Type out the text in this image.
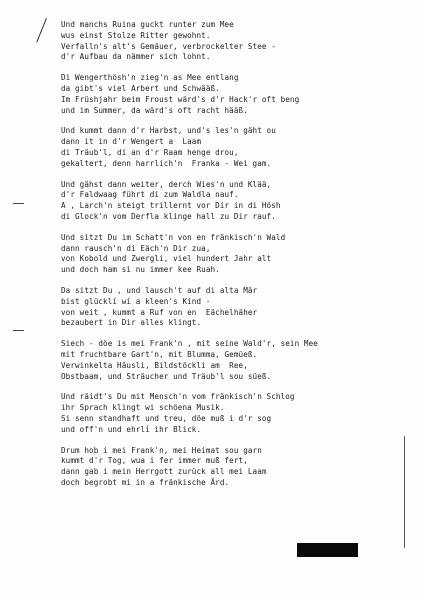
Und manchs Ruina guckt runter zum Mee
wus einst Stolze Ritter gewohnt.
Verfalln's alt's Gemäuer, verbrockelter Stee -
d'r Aufbau da nämmer sich lohnt.
Di Wengerthösh'n zieg'n as Mee entlang
da gibt's viel Arbert und Schwääß.
Im Früshjahr beim Froust wärd's d'r Hack'r oft beng
und im Summer, da wärd's oft racht hääß.
Und kummt dann d'r Harbst, und's les'n gäht ou
dann it in d'r Wengert a  Laam
di Träub'l, di an d'r Raam henge drou,
gekaltert, denn harrlich'n  Franka - Wei gam.
Und gähst dann weiter, derch Wies'n und Klää,
d'r Faldwaag führt di zum Waldla nauf.
A , Larch'n steigt trillernt vor Dir in di Hösh
di Glock'n vom Derfla klinge hall zu Dir rauf.
Und sitzt Du im Schatt'n von en fränkisch'n Wald
dann rausch'n di Eäch'n Dir zua,
von Kobold und Zwergli, viel hundert Jahr alt
und doch ham si nu immer kee Ruah.
Da sitzt Du , und lausch't auf di alta Mär
bist glücklí wí a kleen's Kind -
von weit , kummt a Ruf von en  Eächelhäher
bezaubert in Dir alles klingt.
Siech - döe is mei Frank'n , mit seine Wald'r, sein Mee
mit fruchtbare Gart'n, mit Blumma, Gemüeß.
Verwinkelta Häusli, Bildstöckli am  Ree,
Obstbaam, und Sträucher und Träub'l sou süeß.
Und räidt's Du mit Mensch'n vom fränkisch'n Schlog
ihr Sprach klingt wi schöena Musik.
Si senn standhaft und treu, döe muß i d'r sog
und off'n und ehrlí ihr Blick.
Drum hob i mei Frank'n, mei Heimat sou garn
kummt d'r Tog, wua i fer immer muß fert,
dann gab i mein Herrgott zurück all mei Laam
doch begrobt mi in a fränkische Ärd.
